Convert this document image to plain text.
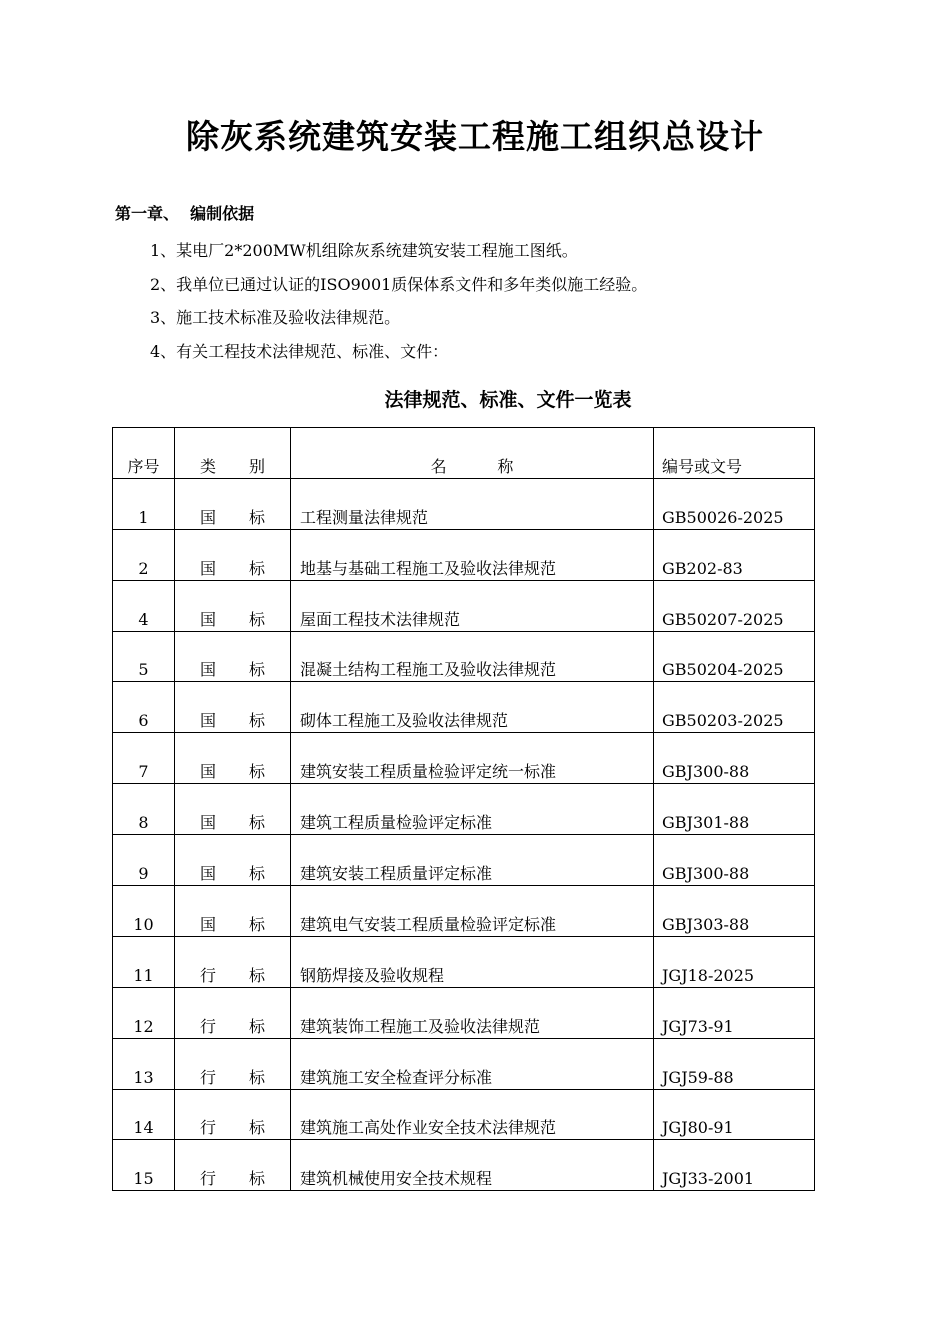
除灰系统建筑安装工程施工组织总设计
第一章、  编制依据
1、某电厂2*200MW机组除灰系统建筑安装工程施工图纸。
2、我单位已通过认证的ISO9001质保体系文件和多年类似施工经验。
3、施工技术标准及验收法律规范。
4、有关工程技术法律规范、标准、文件：
法律规范、标准、文件一览表
序号	类 别	名          称	编号或文号
1	国 标	工程测量法律规范	GB50026-2025
2	国 标	地基与基础工程施工及验收法律规范	GB202-83
4	国 标	屋面工程技术法律规范	GB50207-2025
5	国 标	混凝土结构工程施工及验收法律规范	GB50204-2025
6	国 标	砌体工程施工及验收法律规范	GB50203-2025
7	国 标	建筑安装工程质量检验评定统一标准	GBJ300-88
8	国 标	建筑工程质量检验评定标准	GBJ301-88
9	国 标	建筑安装工程质量评定标准	GBJ300-88
10	国 标	建筑电气安装工程质量检验评定标准	GBJ303-88
11	行 标	钢筋焊接及验收规程	JGJ18-2025
12	行 标	建筑装饰工程施工及验收法律规范	JGJ73-91
13	行 标	建筑施工安全检查评分标准	JGJ59-88
14	行 标	建筑施工高处作业安全技术法律规范	JGJ80-91
15	行 标	建筑机械使用安全技术规程	JGJ33-2001
